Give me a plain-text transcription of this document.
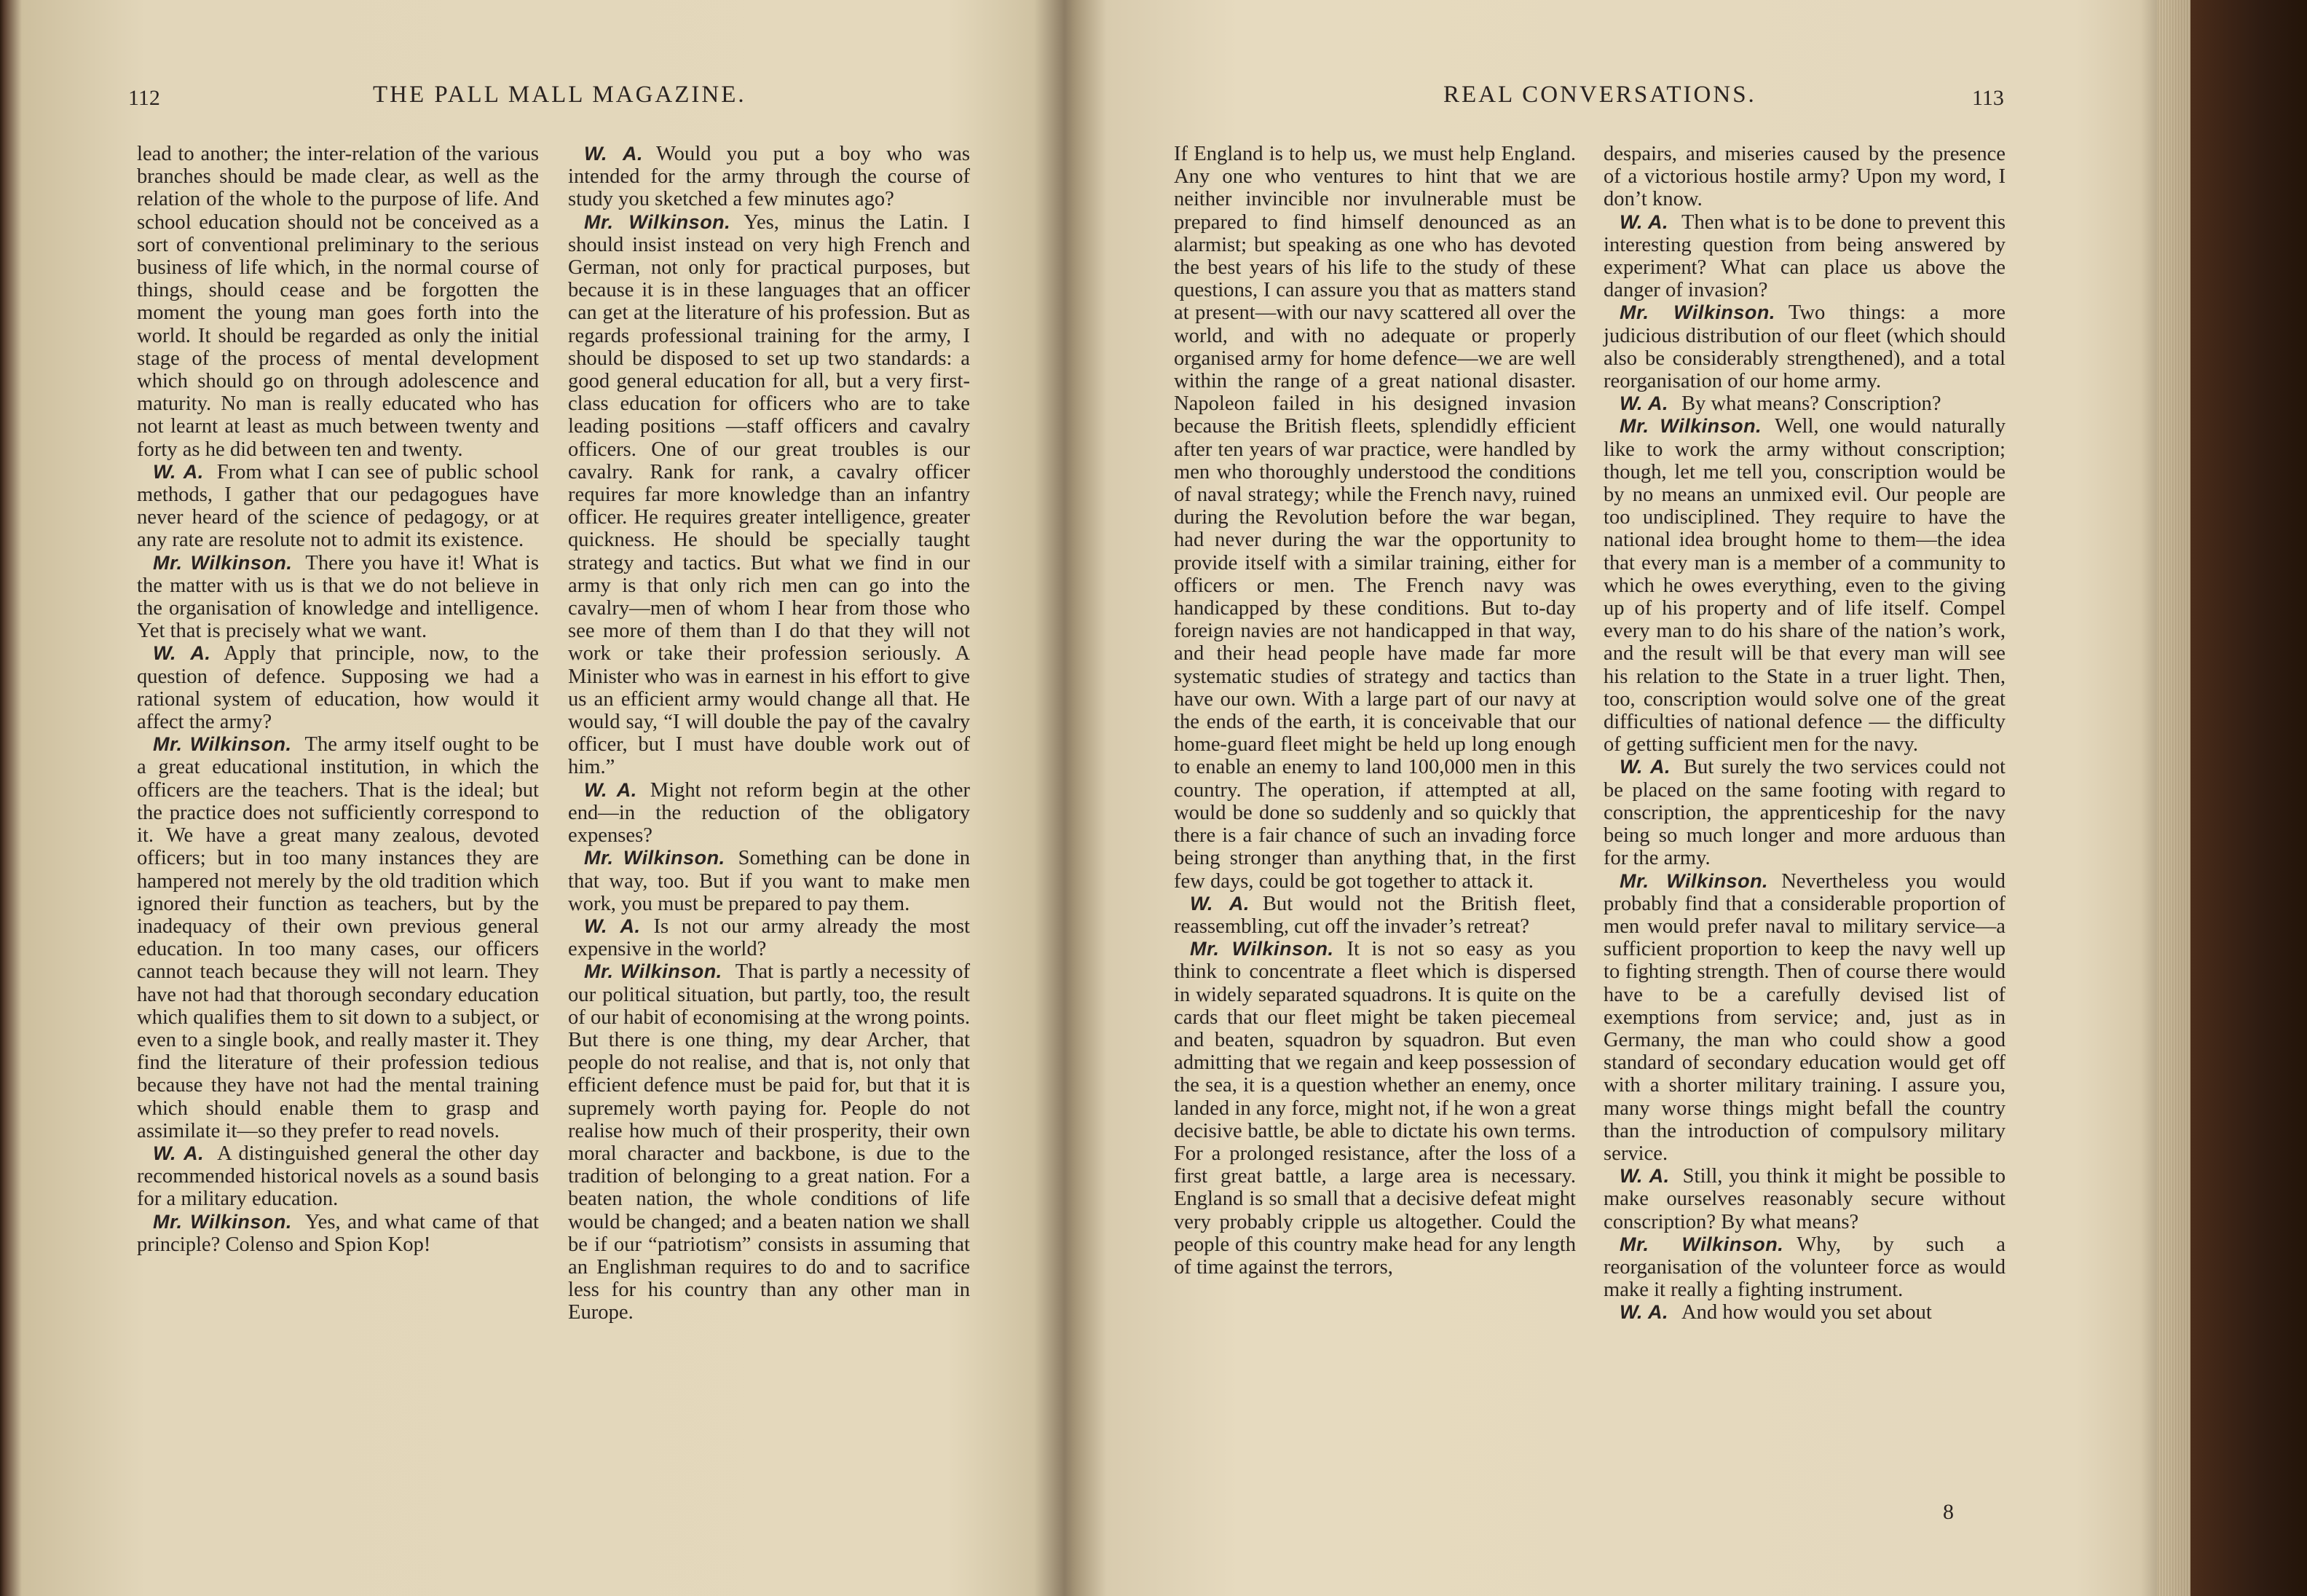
112	THE PALL MALL MAGAZINE.

lead to another; the inter-relation of the various branches should be made clear, as well as the relation of the whole to the purpose of life. And school education should not be conceived as a sort of conventional preliminary to the serious business of life which, in the normal course of things, should cease and be forgotten the moment the young man goes forth into the world. It should be regarded as only the initial stage of the process of mental development which should go on through adolescence and maturity. No man is really educated who has not learnt at least as much between twenty and forty as he did between ten and twenty.

W. A. From what I can see of public school methods, I gather that our pedagogues have never heard of the science of pedagogy, or at any rate are resolute not to admit its existence.

Mr. Wilkinson. There you have it! What is the matter with us is that we do not believe in the organisation of knowledge and intelligence. Yet that is precisely what we want.

W. A. Apply that principle, now, to the question of defence. Supposing we had a rational system of education, how would it affect the army?

Mr. Wilkinson. The army itself ought to be a great educational institution, in which the officers are the teachers. That is the ideal; but the practice does not sufficiently correspond to it. We have a great many zealous, devoted officers; but in too many instances they are hampered not merely by the old tradition which ignored their function as teachers, but by the inadequacy of their own previous general education. In too many cases, our officers cannot teach because they will not learn. They have not had that thorough secondary education which qualifies them to sit down to a subject, or even to a single book, and really master it. They find the literature of their profession tedious because they have not had the mental training which should enable them to grasp and assimilate it—so they prefer to read novels.

W. A. A distinguished general the other day recommended historical novels as a sound basis for a military education.

Mr. Wilkinson. Yes, and what came of that principle? Colenso and Spion Kop!

W. A. Would you put a boy who was intended for the army through the course of study you sketched a few minutes ago?

Mr. Wilkinson. Yes, minus the Latin. I should insist instead on very high French and German, not only for practical purposes, but because it is in these languages that an officer can get at the literature of his profession. But as regards professional training for the army, I should be disposed to set up two standards: a good general education for all, but a very first-class education for officers who are to take leading positions —staff officers and cavalry officers. One of our great troubles is our cavalry. Rank for rank, a cavalry officer requires far more knowledge than an infantry officer. He requires greater intelligence, greater quickness. He should be specially taught strategy and tactics. But what we find in our army is that only rich men can go into the cavalry—men of whom I hear from those who see more of them than I do that they will not work or take their profession seriously. A Minister who was in earnest in his effort to give us an efficient army would change all that. He would say, “I will double the pay of the cavalry officer, but I must have double work out of him.”

W. A. Might not reform begin at the other end—in the reduction of the obligatory expenses?

Mr. Wilkinson. Something can be done in that way, too. But if you want to make men work, you must be prepared to pay them.

W. A. Is not our army already the most expensive in the world?

Mr. Wilkinson. That is partly a necessity of our political situation, but partly, too, the result of our habit of economising at the wrong points. But there is one thing, my dear Archer, that people do not realise, and that is, not only that efficient defence must be paid for, but that it is supremely worth paying for. People do not realise how much of their prosperity, their own moral character and backbone, is due to the tradition of belonging to a great nation. For a beaten nation, the whole conditions of life would be changed; and a beaten nation we shall be if our “patriotism” consists in assuming that an Englishman requires to do and to sacrifice less for his country than any other man in Europe.

REAL CONVERSATIONS.	113

If England is to help us, we must help England. Any one who ventures to hint that we are neither invincible nor invulnerable must be prepared to find himself denounced as an alarmist; but speaking as one who has devoted the best years of his life to the study of these questions, I can assure you that as matters stand at present—with our navy scattered all over the world, and with no adequate or properly organised army for home defence—we are well within the range of a great national disaster. Napoleon failed in his designed invasion because the British fleets, splendidly efficient after ten years of war practice, were handled by men who thoroughly understood the conditions of naval strategy; while the French navy, ruined during the Revolution before the war began, had never during the war the opportunity to provide itself with a similar training, either for officers or men. The French navy was handicapped by these conditions. But to-day foreign navies are not handicapped in that way, and their head people have made far more systematic studies of strategy and tactics than have our own. With a large part of our navy at the ends of the earth, it is conceivable that our home-guard fleet might be held up long enough to enable an enemy to land 100,000 men in this country. The operation, if attempted at all, would be done so suddenly and so quickly that there is a fair chance of such an invading force being stronger than anything that, in the first few days, could be got together to attack it.

W. A. But would not the British fleet, reassembling, cut off the invader’s retreat?

Mr. Wilkinson. It is not so easy as you think to concentrate a fleet which is dispersed in widely separated squadrons. It is quite on the cards that our fleet might be taken piecemeal and beaten, squadron by squadron. But even admitting that we regain and keep possession of the sea, it is a question whether an enemy, once landed in any force, might not, if he won a great decisive battle, be able to dictate his own terms. For a prolonged resistance, after the loss of a first great battle, a large area is necessary. England is so small that a decisive defeat might very probably cripple us altogether. Could the people of this country make head for any length of time against the terrors,

despairs, and miseries caused by the presence of a victorious hostile army? Upon my word, I don’t know.

W. A. Then what is to be done to prevent this interesting question from being answered by experiment? What can place us above the danger of invasion?

Mr. Wilkinson. Two things: a more judicious distribution of our fleet (which should also be considerably strengthened), and a total reorganisation of our home army.

W. A. By what means? Conscription?

Mr. Wilkinson. Well, one would naturally like to work the army without conscription; though, let me tell you, conscription would be by no means an unmixed evil. Our people are too undisciplined. They require to have the national idea brought home to them—the idea that every man is a member of a community to which he owes everything, even to the giving up of his property and of life itself. Compel every man to do his share of the nation’s work, and the result will be that every man will see his relation to the State in a truer light. Then, too, conscription would solve one of the great difficulties of national defence — the difficulty of getting sufficient men for the navy.

W. A. But surely the two services could not be placed on the same footing with regard to conscription, the apprenticeship for the navy being so much longer and more arduous than for the army.

Mr. Wilkinson. Nevertheless you would probably find that a considerable proportion of men would prefer naval to military service—a sufficient proportion to keep the navy well up to fighting strength. Then of course there would have to be a carefully devised list of exemptions from service; and, just as in Germany, the man who could show a good standard of secondary education would get off with a shorter military training. I assure you, many worse things might befall the country than the introduction of compulsory military service.

W. A. Still, you think it might be possible to make ourselves reasonably secure without conscription? By what means?

Mr. Wilkinson. Why, by such a reorganisation of the volunteer force as would make it really a fighting instrument.

W. A. And how would you set about

8
